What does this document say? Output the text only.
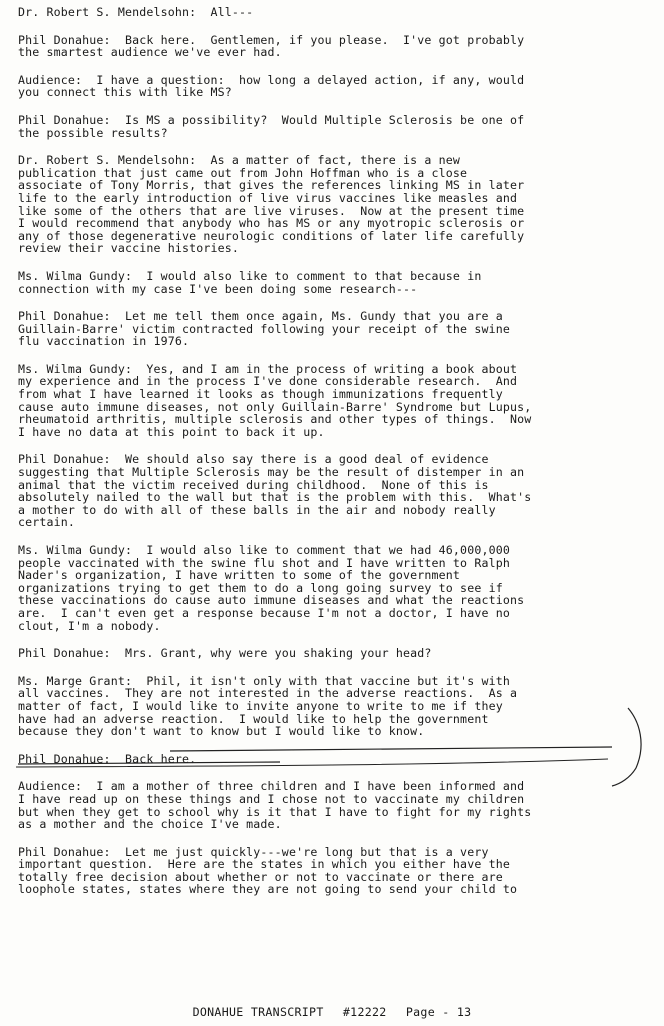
Dr. Robert S. Mendelsohn:  All---
Phil Donahue:  Back here.  Gentlemen, if you please.  I've got probably
the smartest audience we've ever had.
Audience:  I have a question:  how long a delayed action, if any, would
you connect this with like MS?
Phil Donahue:  Is MS a possibility?  Would Multiple Sclerosis be one of
the possible results?
Dr. Robert S. Mendelsohn:  As a matter of fact, there is a new
publication that just came out from John Hoffman who is a close
associate of Tony Morris, that gives the references linking MS in later
life to the early introduction of live virus vaccines like measles and
like some of the others that are live viruses.  Now at the present time
I would recommend that anybody who has MS or any myotropic sclerosis or
any of those degenerative neurologic conditions of later life carefully
review their vaccine histories.
Ms. Wilma Gundy:  I would also like to comment to that because in
connection with my case I've been doing some research---
Phil Donahue:  Let me tell them once again, Ms. Gundy that you are a
Guillain-Barre' victim contracted following your receipt of the swine
flu vaccination in 1976.
Ms. Wilma Gundy:  Yes, and I am in the process of writing a book about
my experience and in the process I've done considerable research.  And
from what I have learned it looks as though immunizations frequently
cause auto immune diseases, not only Guillain-Barre' Syndrome but Lupus,
rheumatoid arthritis, multiple sclerosis and other types of things.  Now
I have no data at this point to back it up.
Phil Donahue:  We should also say there is a good deal of evidence
suggesting that Multiple Sclerosis may be the result of distemper in an
animal that the victim received during childhood.  None of this is
absolutely nailed to the wall but that is the problem with this.  What's
a mother to do with all of these balls in the air and nobody really
certain.
Ms. Wilma Gundy:  I would also like to comment that we had 46,000,000
people vaccinated with the swine flu shot and I have written to Ralph
Nader's organization, I have written to some of the government
organizations trying to get them to do a long going survey to see if
these vaccinations do cause auto immune diseases and what the reactions
are.  I can't even get a response because I'm not a doctor, I have no
clout, I'm a nobody.
Phil Donahue:  Mrs. Grant, why were you shaking your head?
Ms. Marge Grant:  Phil, it isn't only with that vaccine but it's with
all vaccines.  They are not interested in the adverse reactions.  As a
matter of fact, I would like to invite anyone to write to me if they
have had an adverse reaction.  I would like to help the government
because they don't want to know but I would like to know.
Phil Donahue:  Back here.
Audience:  I am a mother of three children and I have been informed and
I have read up on these things and I chose not to vaccinate my children
but when they get to school why is it that I have to fight for my rights
as a mother and the choice I've made.
Phil Donahue:  Let me just quickly---we're long but that is a very
important question.  Here are the states in which you either have the
totally free decision about whether or not to vaccinate or there are
loophole states, states where they are not going to send your child to
DONAHUE TRANSCRIPT #12222 Page - 13
